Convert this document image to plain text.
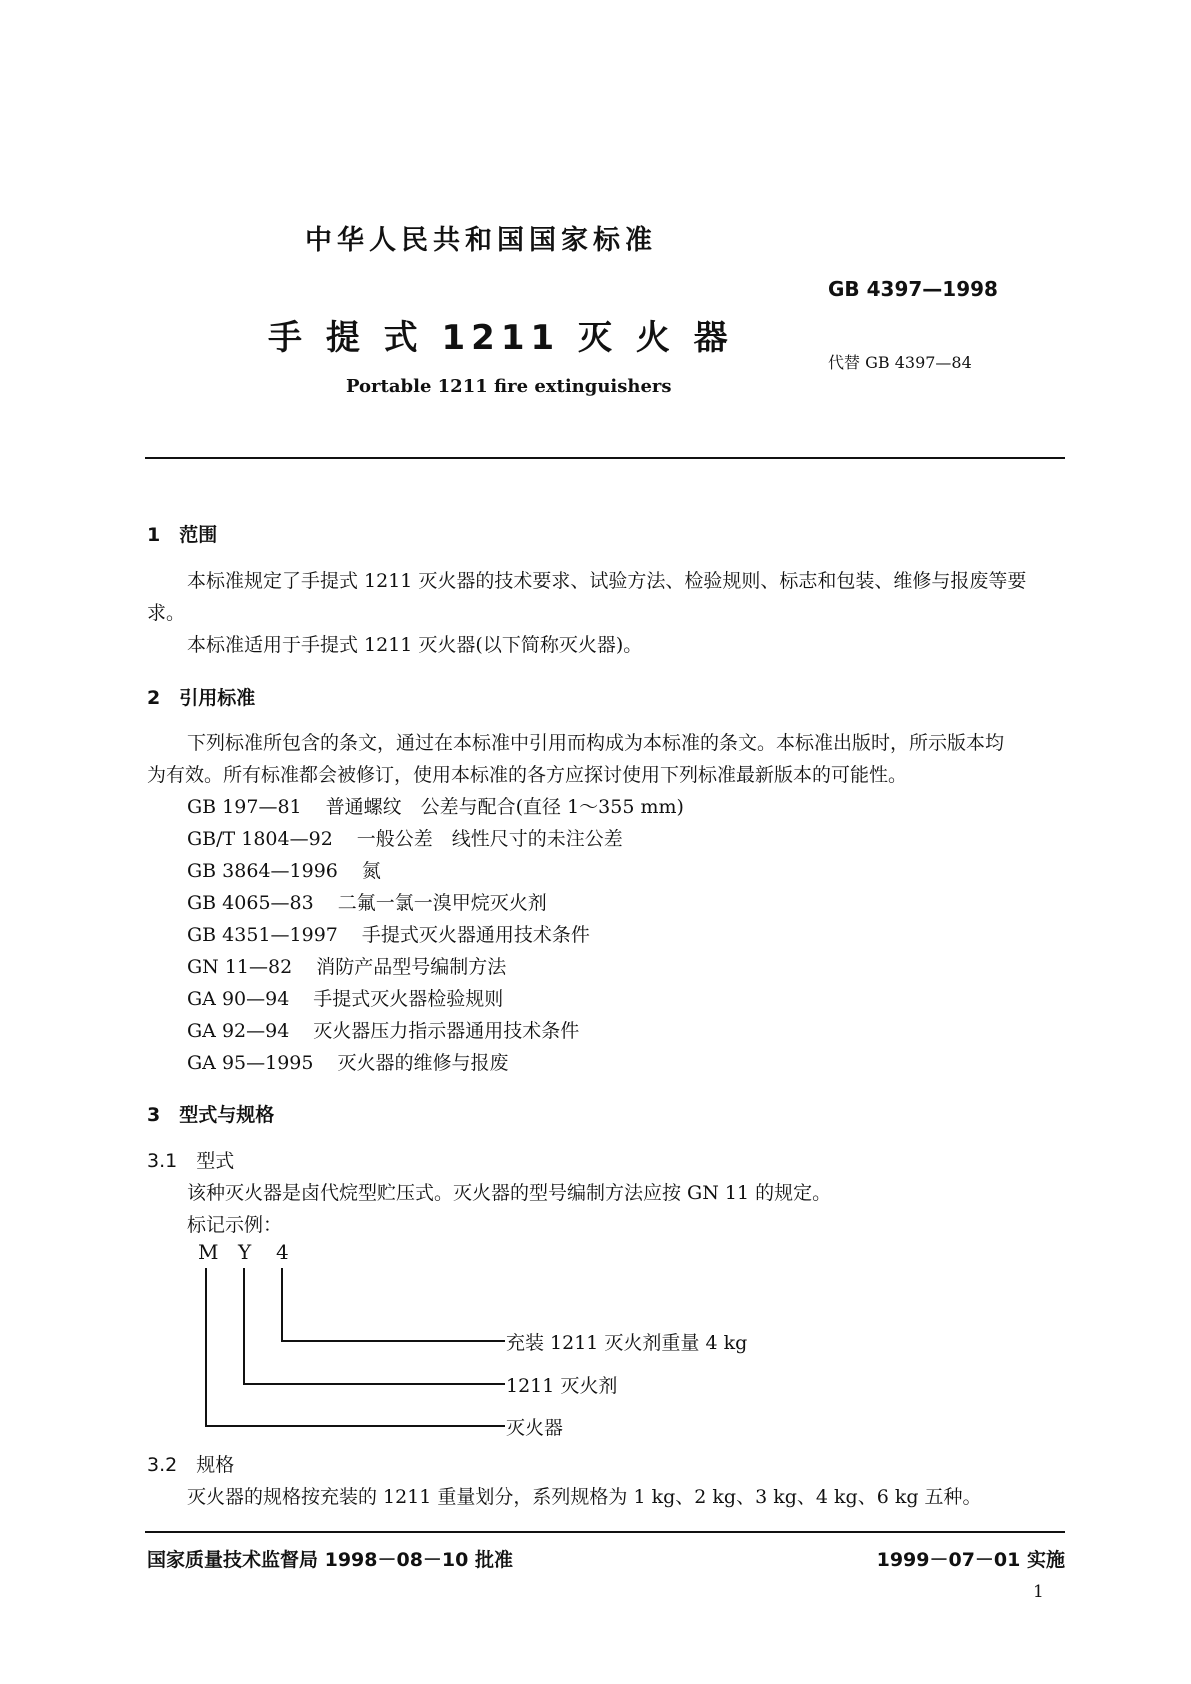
中华人民共和国国家标准
GB 4397—1998
手 提 式 1211 灭 火 器
代替 GB 4397—84
Portable 1211 fire extinguishers
1　范围
本标准规定了手提式 1211 灭火器的技术要求、试验方法、检验规则、标志和包装、维修与报废等要
求。
本标准适用于手提式 1211 灭火器(以下简称灭火器)。
2　引用标准
下列标准所包含的条文，通过在本标准中引用而构成为本标准的条文。本标准出版时，所示版本均
为有效。所有标准都会被修订，使用本标准的各方应探讨使用下列标准最新版本的可能性。
GB 197—81 普通螺纹　公差与配合(直径 1～355 mm)
GB/T 1804—92 一般公差　线性尺寸的未注公差
GB 3864—1996 氮
GB 4065—83 二氟一氯一溴甲烷灭火剂
GB 4351—1997 手提式灭火器通用技术条件
GN 11—82 消防产品型号编制方法
GA 90—94 手提式灭火器检验规则
GA 92—94 灭火器压力指示器通用技术条件
GA 95—1995 灭火器的维修与报废
3　型式与规格
3.1　型式
该种灭火器是卤代烷型贮压式。灭火器的型号编制方法应按 GN 11 的规定。
标记示例：
M Y 4
充装 1211 灭火剂重量 4 kg
1211 灭火剂
灭火器
3.2　规格
灭火器的规格按充装的 1211 重量划分，系列规格为 1 kg、2 kg、3 kg、4 kg、6 kg 五种。
国家质量技术监督局 1998－08－10 批准	1999－07－01 实施
1
